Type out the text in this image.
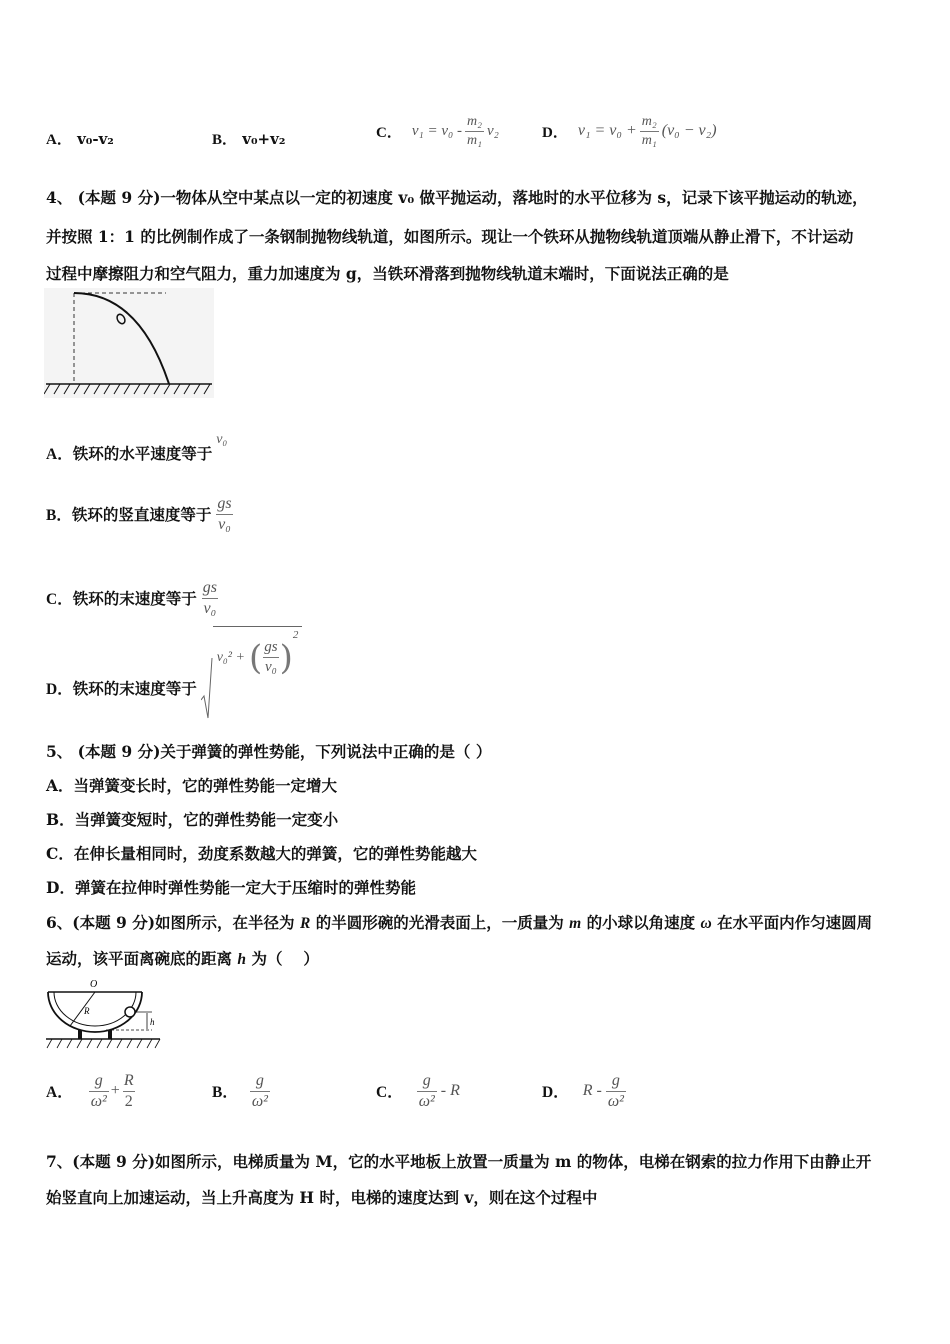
A． v₀-v₂	B． v₀+v₂	C． $v_1 = v_0 - \frac{\text{m₂}}{\text{m₁}} v_2$	D． $v_1 = v_0 + \frac{\text{m₂}}{\text{m₁}} (v_0 - v_2)$
4、 (本题 9 分)一物体从空中某点以一定的初速度 v₀ 做平抛运动，落地时的水平位移为 s，记录下该平抛运动的轨迹，
并按照 1：1 的比例制作成了一条钢制抛物线轨道，如图所示。现让一个铁环从抛物线轨道顶端从静止滑下，不计运动
过程中摩擦阻力和空气阻力，重力加速度为 g，当铁环滑落到抛物线轨道末端时，下面说法正确的是
A． 铁环的水平速度等于
v₀
B． 铁环的竖直速度等于 $\frac{gs}{\text{v₀}}$
C． 铁环的末速度等于 $\frac{gs}{\text{v₀}}$
D． 铁环的末速度等于
v₀² + ( $\frac{gs}{\text{v₀}}$ )
2
5、 (本题 9 分)关于弹簧的弹性势能，下列说法中正确的是（ ）
A．当弹簧变长时，它的弹性势能一定增大
B．当弹簧变短时，它的弹性势能一定变小
C．在伸长量相同时，劲度系数越大的弹簧，它的弹性势能越大
D．弹簧在拉伸时弹性势能一定大于压缩时的弹性势能
6、(本题 9 分)如图所示，在半径为 R 的半圆形碗的光滑表面上，一质量为 m 的小球以角速度 ω 在水平面内作匀速圆周
运动，该平面离碗底的距离 h 为（　 ）
O
R
h
A． $\frac{g}{\text{ω²}} + \frac{R}{2}$	B． $\frac{g}{\text{ω²}}$	C． $\frac{g}{\text{ω²}}$ - R	D． R - $\frac{g}{\text{ω²}}$
7、(本题 9 分)如图所示，电梯质量为 M，它的水平地板上放置一质量为 m 的物体，电梯在钢索的拉力作用下由静止开
始竖直向上加速运动，当上升高度为 H 时，电梯的速度达到 v，则在这个过程中
